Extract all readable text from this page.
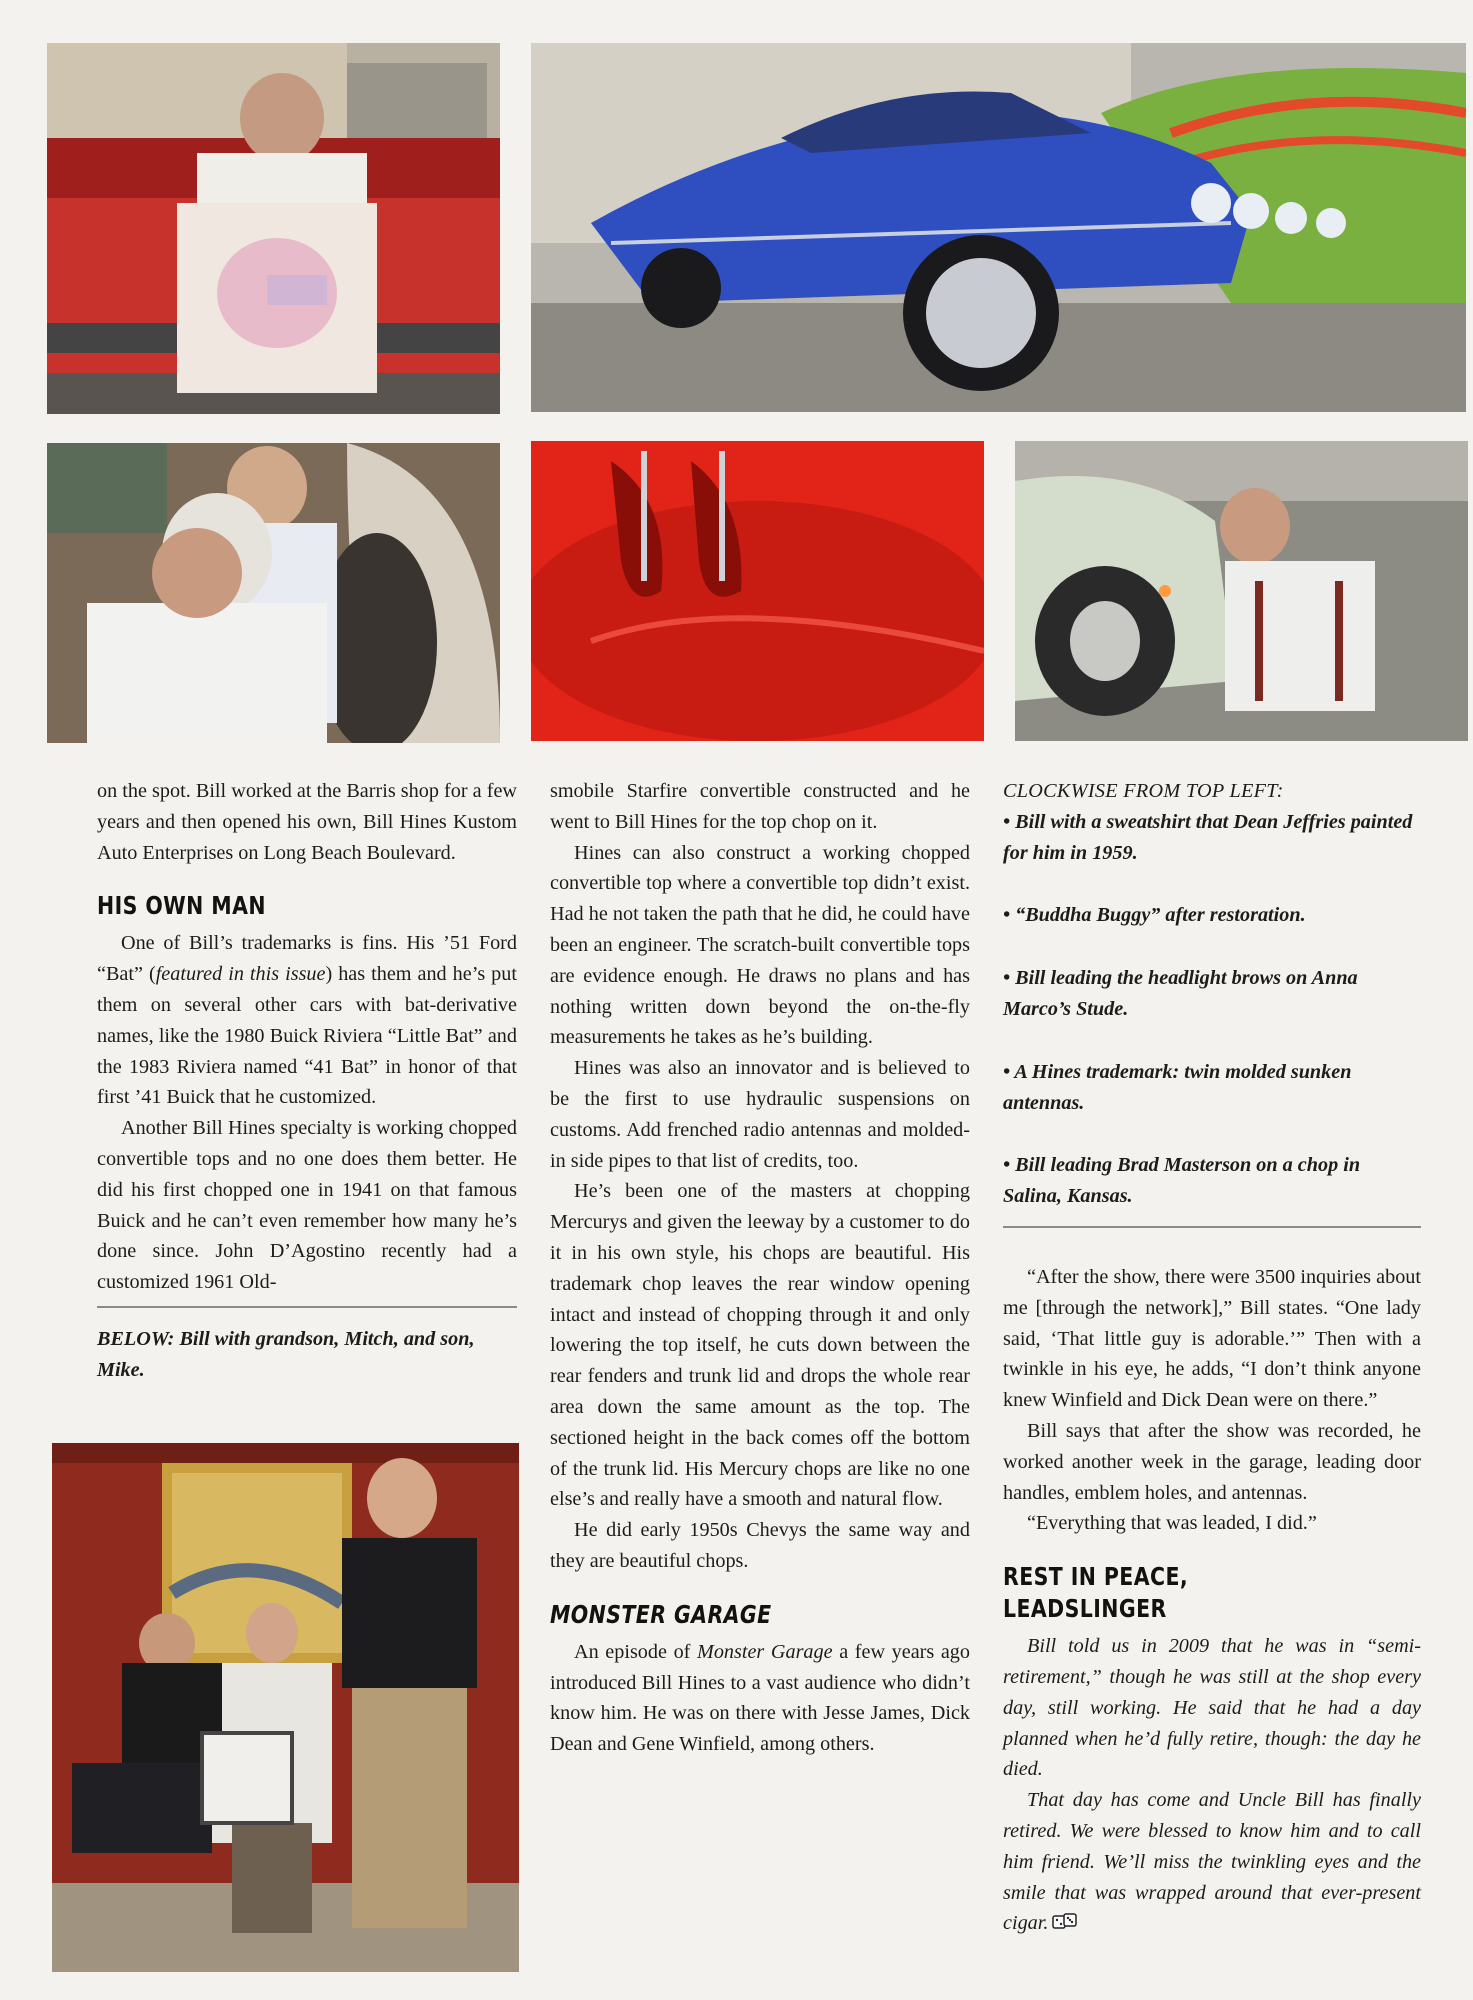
on the spot. Bill worked at the Barris shop for a few years and then opened his own, Bill Hines Kustom Auto Enterprises on Long Beach Boulevard.

HIS OWN MAN

One of Bill’s trademarks is fins. His ’51 Ford “Bat” (featured in this issue) has them and he’s put them on several other cars with bat-derivative names, like the 1980 Buick Riviera “Little Bat” and the 1983 Riviera named “41 Bat” in honor of that first ’41 Buick that he customized.

Another Bill Hines specialty is working chopped convertible tops and no one does them better. He did his first chopped one in 1941 on that famous Buick and he can’t even remember how many he’s done since. John D’Agostino recently had a customized 1961 Old-

BELOW: Bill with grandson, Mitch, and son, Mike.

smobile Starfire convertible constructed and he went to Bill Hines for the top chop on it.

Hines can also construct a working chopped convertible top where a convertible top didn’t exist. Had he not taken the path that he did, he could have been an engineer. The scratch-built convertible tops are evidence enough. He draws no plans and has nothing written down beyond the on-the-fly measurements he takes as he’s building.

Hines was also an innovator and is believed to be the first to use hydraulic suspensions on customs. Add frenched radio antennas and molded-in side pipes to that list of credits, too.

He’s been one of the masters at chopping Mercurys and given the leeway by a customer to do it in his own style, his chops are beautiful. His trademark chop leaves the rear window opening intact and instead of chopping through it and only lowering the top itself, he cuts down between the rear fenders and trunk lid and drops the whole rear area down the same amount as the top. The sectioned height in the back comes off the bottom of the trunk lid. His Mercury chops are like no one else’s and really have a smooth and natural flow.

He did early 1950s Chevys the same way and they are beautiful chops.

MONSTER GARAGE

An episode of Monster Garage a few years ago introduced Bill Hines to a vast audience who didn’t know him. He was on there with Jesse James, Dick Dean and Gene Winfield, among others.

CLOCKWISE FROM TOP LEFT:

• Bill with a sweatshirt that Dean Jeffries painted for him in 1959.

• “Buddha Buggy” after restoration.

• Bill leading the headlight brows on Anna Marco’s Stude.

• A Hines trademark: twin molded sunken antennas.

• Bill leading Brad Masterson on a chop in Salina, Kansas.

“After the show, there were 3500 inquiries about me [through the network],” Bill states. “One lady said, ‘That little guy is adorable.’” Then with a twinkle in his eye, he adds, “I don’t think anyone knew Winfield and Dick Dean were on there.”

Bill says that after the show was recorded, he worked another week in the garage, leading door handles, emblem holes, and antennas.

“Everything that was leaded, I did.”

REST IN PEACE, LEADSLINGER

Bill told us in 2009 that he was in “semi-retirement,” though he was still at the shop every day, still working. He said that he had a day planned when he’d fully retire, though: the day he died.

That day has come and Uncle Bill has finally retired. We were blessed to know him and to call him friend. We’ll miss the twinkling eyes and the smile that was wrapped around that ever-present cigar.
